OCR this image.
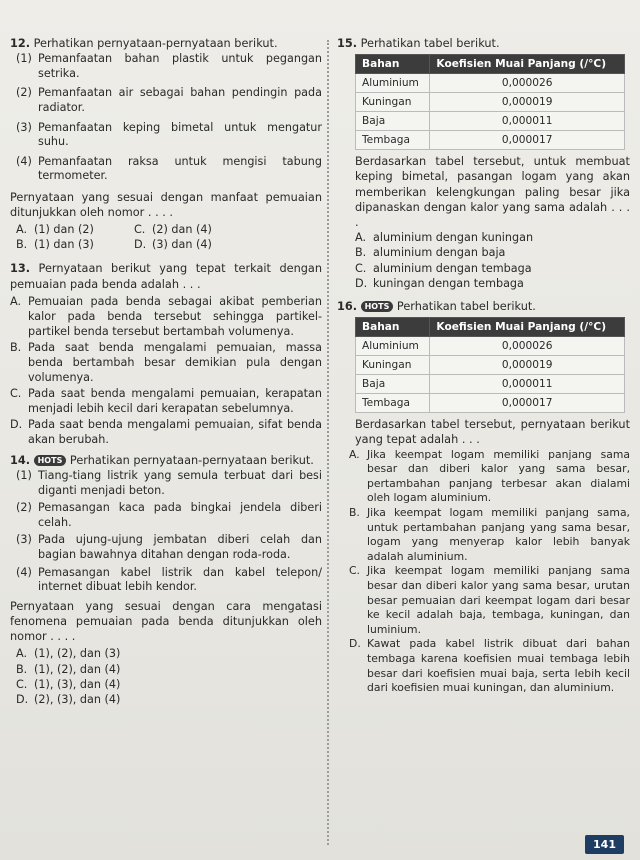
12. Perhatikan pernyataan-pernyataan berikut.

(1) Pemanfaatan bahan plastik untuk pegangan setrika.
(2) Pemanfaatan air sebagai bahan pendingin pada radiator.
(3) Pemanfaatan keping bimetal untuk mengatur suhu.
(4) Pemanfaatan raksa untuk mengisi tabung termometer.

Pernyataan yang sesuai dengan manfaat pemuaian ditunjukkan oleh nomor . . . .

A. (1) dan (2)	C. (2) dan (4)
B. (1) dan (3)	D. (3) dan (4)

13. Pernyataan berikut yang tepat terkait dengan pemuaian pada benda adalah . . .

A. Pemuaian pada benda sebagai akibat pemberian kalor pada benda tersebut sehingga partikel-partikel benda tersebut bertambah volumenya.
B. Pada saat benda mengalami pemuaian, massa benda bertambah besar demikian pula dengan volumenya.
C. Pada saat benda mengalami pemuaian, kerapatan menjadi lebih kecil dari kerapatan sebelumnya.
D. Pada saat benda mengalami pemuaian, sifat benda akan berubah.

14. HOTS Perhatikan pernyataan-pernyataan berikut.

(1) Tiang-tiang listrik yang semula terbuat dari besi diganti menjadi beton.
(2) Pemasangan kaca pada bingkai jendela diberi celah.
(3) Pada ujung-ujung jembatan diberi celah dan bagian bawahnya ditahan dengan roda-roda.
(4) Pemasangan kabel listrik dan kabel telepon/ internet dibuat lebih kendor.

Pernyataan yang sesuai dengan cara mengatasi fenomena pemuaian pada benda ditunjukkan oleh nomor . . . .

A. (1), (2), dan (3)
B. (1), (2), dan (4)
C. (1), (3), dan (4)
D. (2), (3), dan (4)

15. Perhatikan tabel berikut.

Bahan	Koefisien Muai Panjang (/°C)
Aluminium	0,000026
Kuningan	0,000019
Baja	0,000011
Tembaga	0,000017

Berdasarkan tabel tersebut, untuk membuat keping bimetal, pasangan logam yang akan memberikan kelengkungan paling besar jika dipanaskan dengan kalor yang sama adalah . . . .

A. aluminium dengan kuningan
B. aluminium dengan baja
C. aluminium dengan tembaga
D. kuningan dengan tembaga

16. HOTS Perhatikan tabel berikut.

Bahan	Koefisien Muai Panjang (/°C)
Aluminium	0,000026
Kuningan	0,000019
Baja	0,000011
Tembaga	0,000017

Berdasarkan tabel tersebut, pernyataan berikut yang tepat adalah . . .

A. Jika keempat logam memiliki panjang sama besar dan diberi kalor yang sama besar, pertambahan panjang terbesar akan dialami oleh logam aluminium.
B. Jika keempat logam memiliki panjang sama, untuk pertambahan panjang yang sama besar, logam yang menyerap kalor lebih banyak adalah aluminium.
C. Jika keempat logam memiliki panjang sama besar dan diberi kalor yang sama besar, urutan besar pemuaian dari keempat logam dari besar ke kecil adalah baja, tembaga, kuningan, dan luminium.
D. Kawat pada kabel listrik dibuat dari bahan tembaga karena koefisien muai tembaga lebih besar dari koefisien muai baja, serta lebih kecil dari koefisien muai kuningan, dan aluminium.
141
